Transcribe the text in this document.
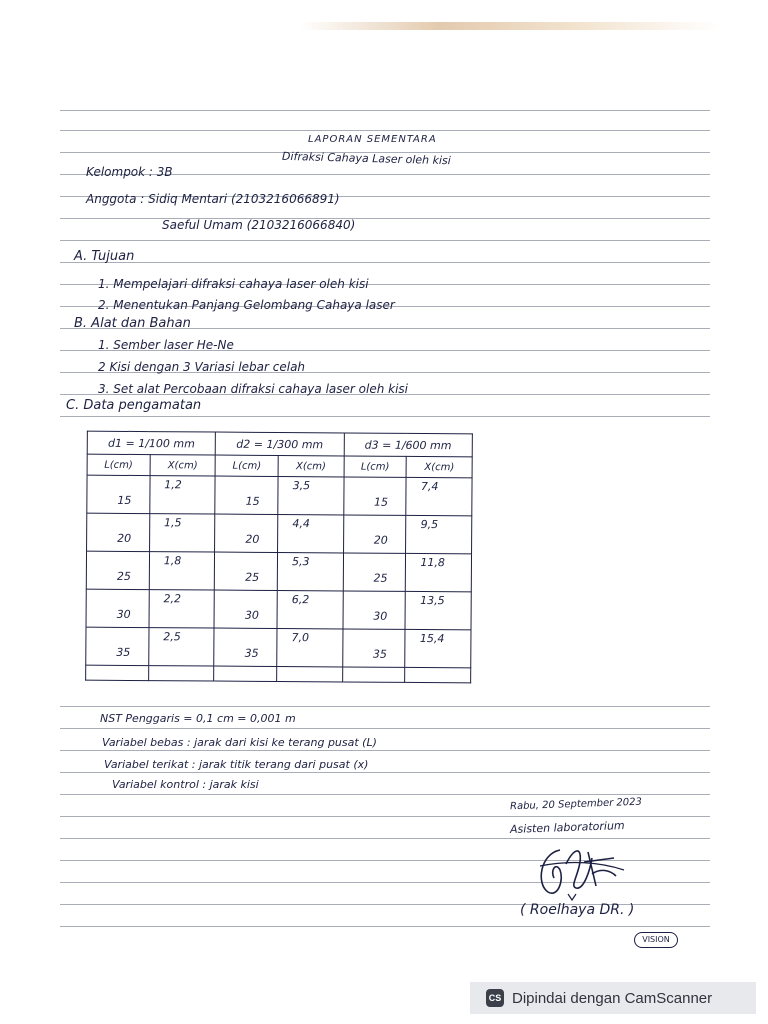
LAPORAN SEMENTARA
Difraksi Cahaya Laser oleh kisi
Kelompok : 3B
Anggota : Sidiq Mentari (2103216066891)
Saeful Umam (2103216066840)
A. Tujuan
1. Mempelajari difraksi cahaya laser oleh kisi
2. Menentukan Panjang Gelombang Cahaya laser
B. Alat dan Bahan
1. Sember laser He-Ne
2 Kisi dengan 3 Variasi lebar celah
3. Set alat Percobaan difraksi cahaya laser oleh kisi
C. Data pengamatan
d1 = 1/100 mm		d2 = 1/300 mm		d3 = 1/600 mm	
L(cm)	X(cm)	L(cm)	X(cm)	L(cm)	X(cm)

15	1,2	15	3,5	15	7,4

20	1,5	20	4,4	20	9,5

25	1,8	25	5,3	25	11,8

30	2,2	30	6,2	30	13,5

35	2,5	35	7,0	35	15,4

NST Penggaris = 0,1 cm = 0,001 m
Variabel bebas : jarak dari kisi ke terang pusat (L)
Variabel terikat : jarak titik terang dari pusat (x)
Variabel kontrol : jarak kisi
Rabu, 20 September 2023
Asisten laboratorium
( Roelhaya DR. )
VISION
CS Dipindai dengan CamScanner
